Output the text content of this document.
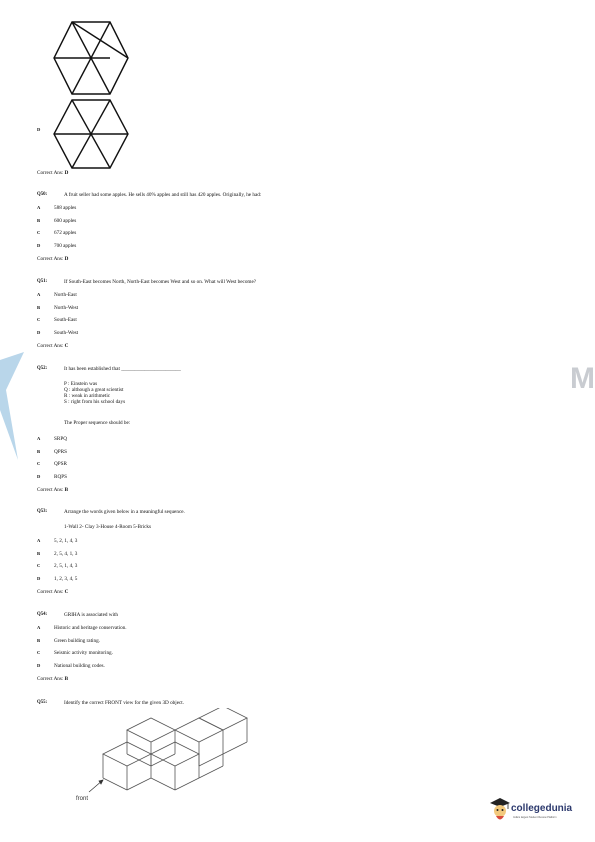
D
Correct Ans: D
Q50:	A fruit seller had some apples. He sells 40% apples and still has 420 apples. Originally, he had:
A	588 apples
B	600 apples
C	672 apples
D	700 apples
Correct Ans: D
Q51:	If South-East becomes North, North-East becomes West and so on. What will West become?
A	North-East
B	North-West
C	South-East
D	South-West
Correct Ans: C
Q52:	It has been established that _______________________
P : Einstein was
Q : although a great scientist
R : weak in arithmetic
S : right from his school days
The Proper sequence should be:
A	SRPQ
B	QPRS
C	QPSR
D	RQPS
Correct Ans: B
Q53:	Arrange the words given below in a meaningful sequence.
1-Wall 2- Clay 3-House 4-Room 5-Bricks
A	5, 2, 1, 4, 3
B	2, 5, 4, 1, 3
C	2, 5, 1, 4, 3
D	1, 2, 3, 4, 5
Correct Ans: C
Q54:	GRIHA is associated with
A	Historic and heritage conservation.
B	Green building rating.
C	Seismic activity monitoring.
D	National building codes.
Correct Ans: B
Q55:	Identify the correct FRONT view for the given 3D object.
front
M
collegedunia
India's largest Student Review Platform
